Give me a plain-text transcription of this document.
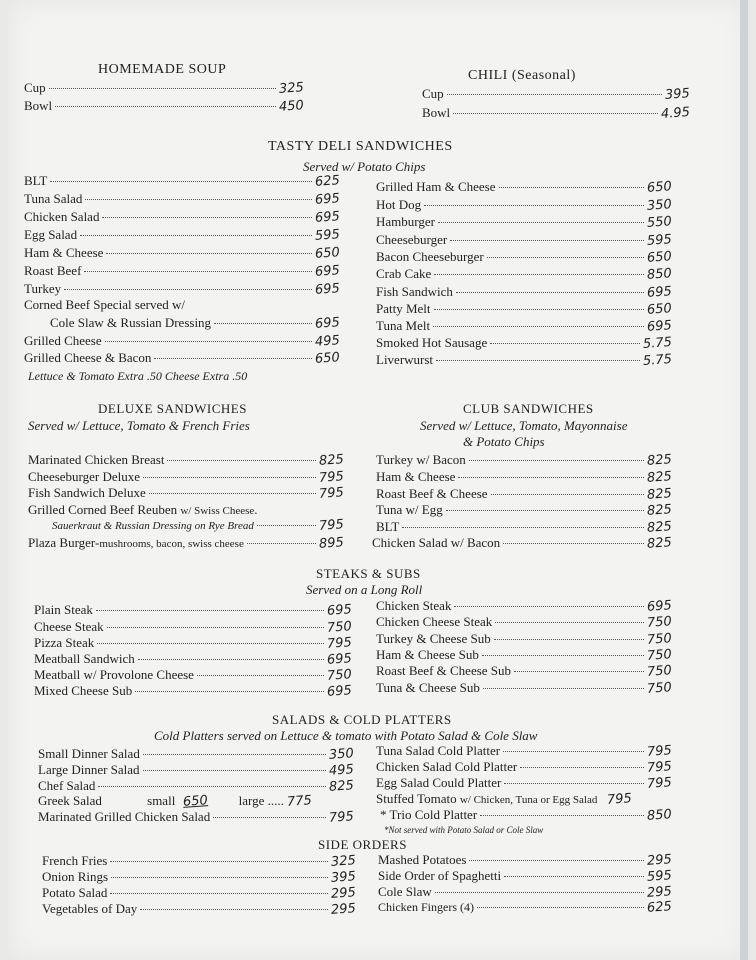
HOMEMADE SOUP
Cup	325
Bowl	450
CHILI (Seasonal)
Cup	395
Bowl	4.95
TASTY DELI SANDWICHES
Served w/ Potato Chips
BLT	625
Tuna Salad	695
Chicken Salad	695
Egg Salad	595
Ham & Cheese	650
Roast Beef	695
Turkey	695
Corned Beef Special served w/
Cole Slaw & Russian Dressing	695
Grilled Cheese	495
Grilled Cheese & Bacon	650
Lettuce & Tomato Extra .50 Cheese Extra .50
Grilled Ham & Cheese	650
Hot Dog	350
Hamburger	550
Cheeseburger	595
Bacon Cheeseburger	650
Crab Cake	850
Fish Sandwich	695
Patty Melt	650
Tuna Melt	695
Smoked Hot Sausage	5.75
Liverwurst	5.75
DELUXE SANDWICHES
Served w/ Lettuce, Tomato & French Fries
Marinated Chicken Breast	825
Cheeseburger Deluxe	795
Fish Sandwich Deluxe	795
Grilled Corned Beef Reuben w/ Swiss Cheese.
Sauerkraut & Russian Dressing on Rye Bread	795
Plaza Burger-mushrooms, bacon, swiss cheese	895
CLUB SANDWICHES
Served w/ Lettuce, Tomato, Mayonnaise
& Potato Chips
Turkey w/ Bacon	825
Ham & Cheese	825
Roast Beef & Cheese	825
Tuna w/ Egg	825
BLT	825
Chicken Salad w/ Bacon	825
STEAKS & SUBS
Served on a Long Roll
Plain Steak	695
Cheese Steak	750
Pizza Steak	795
Meatball Sandwich	695
Meatball w/ Provolone Cheese	750
Mixed Cheese Sub	695
Chicken Steak	695
Chicken Cheese Steak	750
Turkey & Cheese Sub	750
Ham & Cheese Sub	750
Roast Beef & Cheese Sub	750
Tuna & Cheese Sub	750
SALADS & COLD PLATTERS
Cold Platters served on Lettuce & tomato with Potato Salad & Cole Slaw
Small Dinner Salad	350
Large Dinner Salad	495
Chef Salad	825
Greek Salad	small 650 large ..... 775
Marinated Grilled Chicken Salad	795
Tuna Salad Cold Platter	795
Chicken Salad Cold Platter	795
Egg Salad Could Platter	795
Stuffed Tomato w/ Chicken, Tuna or Egg Salad 795
* Trio Cold Platter	850
*Not served with Potato Salad or Cole Slaw
SIDE ORDERS
French Fries	325
Onion Rings	395
Potato Salad	295
Vegetables of Day	295
Mashed Potatoes	295
Side Order of Spaghetti	595
Cole Slaw	295
Chicken Fingers (4)	625
